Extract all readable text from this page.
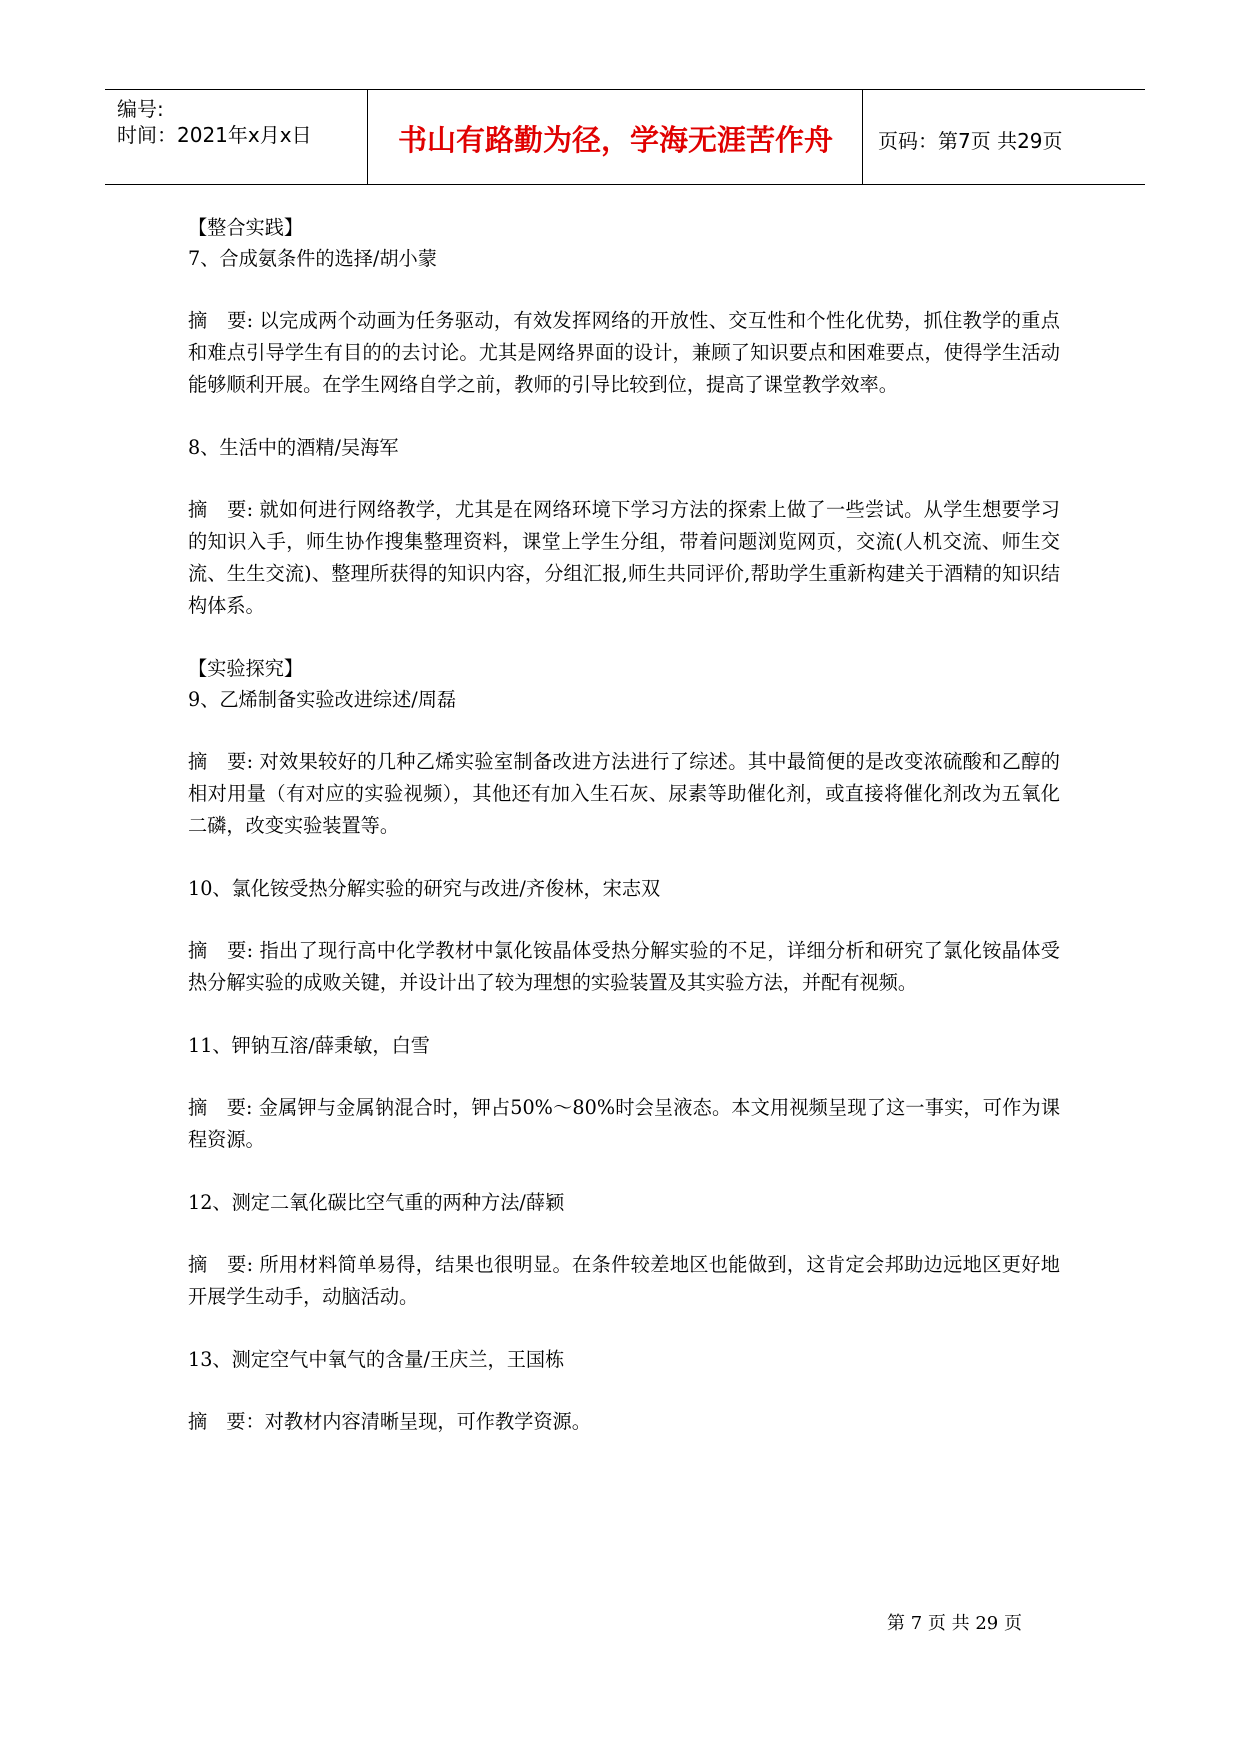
编号:
时间：2021年x月x日	书山有路勤为径，学海无涯苦作舟	页码：第7页 共29页

【整合实践】

7、合成氨条件的选择/胡小蒙

摘　要: 以完成两个动画为任务驱动，有效发挥网络的开放性、交互性和个性化优势，抓住教学的重点和难点引导学生有目的的去讨论。尤其是网络界面的设计，兼顾了知识要点和困难要点，使得学生活动能够顺利开展。在学生网络自学之前，教师的引导比较到位，提高了课堂教学效率。

8、生活中的酒精/吴海军

摘　要: 就如何进行网络教学，尤其是在网络环境下学习方法的探索上做了一些尝试。从学生想要学习的知识入手，师生协作搜集整理资料，课堂上学生分组，带着问题浏览网页，交流(人机交流、师生交流、生生交流)、整理所获得的知识内容，分组汇报,师生共同评价,帮助学生重新构建关于酒精的知识结构体系。

【实验探究】

9、乙烯制备实验改进综述/周磊

摘　要: 对效果较好的几种乙烯实验室制备改进方法进行了综述。其中最简便的是改变浓硫酸和乙醇的相对用量（有对应的实验视频），其他还有加入生石灰、尿素等助催化剂，或直接将催化剂改为五氧化二磷，改变实验装置等。

10、氯化铵受热分解实验的研究与改进/齐俊林，宋志双

摘　要: 指出了现行高中化学教材中氯化铵晶体受热分解实验的不足，详细分析和研究了氯化铵晶体受热分解实验的成败关键，并设计出了较为理想的实验装置及其实验方法，并配有视频。

11、钾钠互溶/薛秉敏，白雪

摘　要: 金属钾与金属钠混合时，钾占50%～80%时会呈液态。本文用视频呈现了这一事实，可作为课程资源。

12、测定二氧化碳比空气重的两种方法/薛颖

摘　要: 所用材料简单易得，结果也很明显。在条件较差地区也能做到，这肯定会邦助边远地区更好地开展学生动手，动脑活动。

13、测定空气中氧气的含量/王庆兰，王国栋

摘　要：对教材内容清晰呈现，可作教学资源。

第 7 页 共 29 页
